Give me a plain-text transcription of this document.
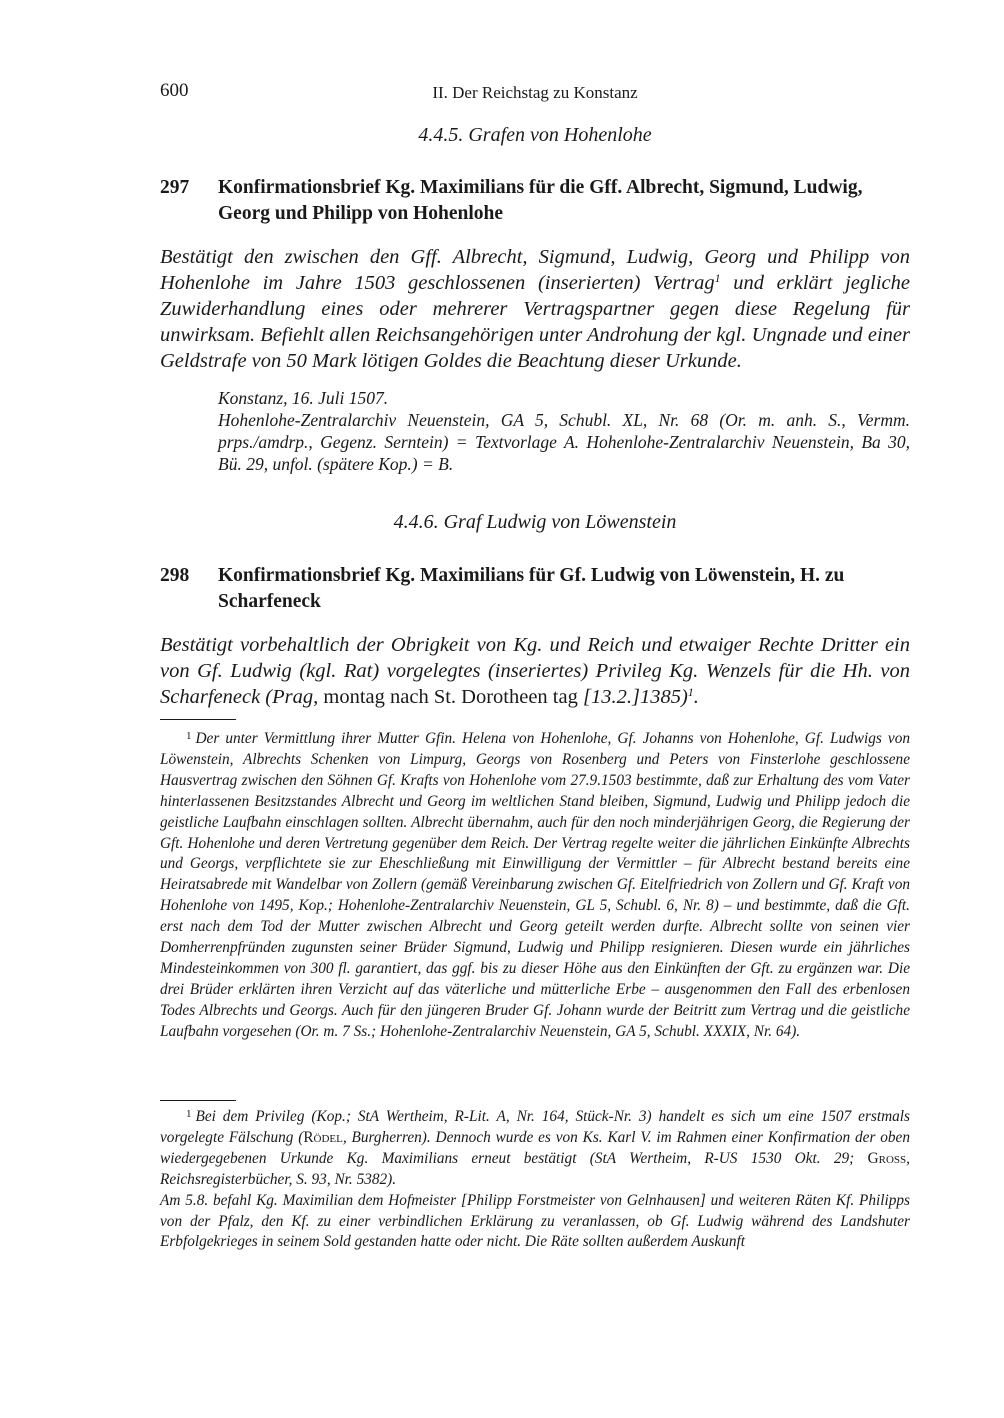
600	II. Der Reichstag zu Konstanz
4.4.5. Grafen von Hohenlohe
297 Konfirmationsbrief Kg. Maximilians für die Gff. Albrecht, Sigmund, Ludwig, Georg und Philipp von Hohenlohe
Bestätigt den zwischen den Gff. Albrecht, Sigmund, Ludwig, Georg und Philipp von Hohenlohe im Jahre 1503 geschlossenen (inserierten) Vertrag$^1$ und erklärt jegliche Zuwiderhandlung eines oder mehrerer Vertragspartner gegen diese Regelung für unwirksam. Befiehlt allen Reichsangehörigen unter Androhung der kgl. Ungnade und einer Geldstrafe von 50 Mark lötigen Goldes die Beachtung dieser Urkunde.
Konstanz, 16. Juli 1507.
Hohenlohe-Zentralarchiv Neuenstein, GA 5, Schubl. XL, Nr. 68 (Or. m. anh. S., Vermm. prps./amdrp., Gegenz. Serntein) = Textvorlage A. Hohenlohe-Zentralarchiv Neuenstein, Ba 30, Bü. 29, unfol. (spätere Kop.) = B.
4.4.6. Graf Ludwig von Löwenstein
298 Konfirmationsbrief Kg. Maximilians für Gf. Ludwig von Löwenstein, H. zu Scharfeneck
Bestätigt vorbehaltlich der Obrigkeit von Kg. und Reich und etwaiger Rechte Dritter ein von Gf. Ludwig (kgl. Rat) vorgelegtes (inseriertes) Privileg Kg. Wenzels für die Hh. von Scharfeneck (Prag, montag nach St. Dorotheen tag [13.2.]1385)$^1$.

$^1$ Der unter Vermittlung ihrer Mutter Gfin. Helena von Hohenlohe, Gf. Johanns von Hohenlohe, Gf. Ludwigs von Löwenstein, Albrechts Schenken von Limpurg, Georgs von Rosenberg und Peters von Finsterlohe geschlossene Hausvertrag zwischen den Söhnen Gf. Krafts von Hohenlohe vom 27.9.1503 bestimmte, daß zur Erhaltung des vom Vater hinterlassenen Besitzstandes Albrecht und Georg im weltlichen Stand bleiben, Sigmund, Ludwig und Philipp jedoch die geistliche Laufbahn einschlagen sollten. Albrecht übernahm, auch für den noch minderjährigen Georg, die Regierung der Gft. Hohenlohe und deren Vertretung gegenüber dem Reich. Der Vertrag regelte weiter die jährlichen Einkünfte Albrechts und Georgs, verpflichtete sie zur Eheschließung mit Einwilligung der Vermittler – für Albrecht bestand bereits eine Heiratsabrede mit Wandelbar von Zollern (gemäß Vereinbarung zwischen Gf. Eitelfriedrich von Zollern und Gf. Kraft von Hohenlohe von 1495, Kop.; Hohenlohe-Zentralarchiv Neuenstein, GL 5, Schubl. 6, Nr. 8) – und bestimmte, daß die Gft. erst nach dem Tod der Mutter zwischen Albrecht und Georg geteilt werden durfte. Albrecht sollte von seinen vier Domherrenpfründen zugunsten seiner Brüder Sigmund, Ludwig und Philipp resignieren. Diesen wurde ein jährliches Mindesteinkommen von 300 fl. garantiert, das ggf. bis zu dieser Höhe aus den Einkünften der Gft. zu ergänzen war. Die drei Brüder erklärten ihren Verzicht auf das väterliche und mütterliche Erbe – ausgenommen den Fall des erbenlosen Todes Albrechts und Georgs. Auch für den jüngeren Bruder Gf. Johann wurde der Beitritt zum Vertrag und die geistliche Laufbahn vorgesehen (Or. m. 7 Ss.; Hohenlohe-Zentralarchiv Neuenstein, GA 5, Schubl. XXXIX, Nr. 64).

$^1$ Bei dem Privileg (Kop.; StA Wertheim, R-Lit. A, Nr. 164, Stück-Nr. 3) handelt es sich um eine 1507 erstmals vorgelegte Fälschung (Rödel, Burgherren). Dennoch wurde es von Ks. Karl V. im Rahmen einer Konfirmation der oben wiedergegebenen Urkunde Kg. Maximilians erneut bestätigt (StA Wertheim, R-US 1530 Okt. 29; Gross, Reichsregisterbücher, S. 93, Nr. 5382).

Am 5.8. befahl Kg. Maximilian dem Hofmeister [Philipp Forstmeister von Gelnhausen] und weiteren Räten Kf. Philipps von der Pfalz, den Kf. zu einer verbindlichen Erklärung zu veranlassen, ob Gf. Ludwig während des Landshuter Erbfolgekrieges in seinem Sold gestanden hatte oder nicht. Die Räte sollten außerdem Auskunft
